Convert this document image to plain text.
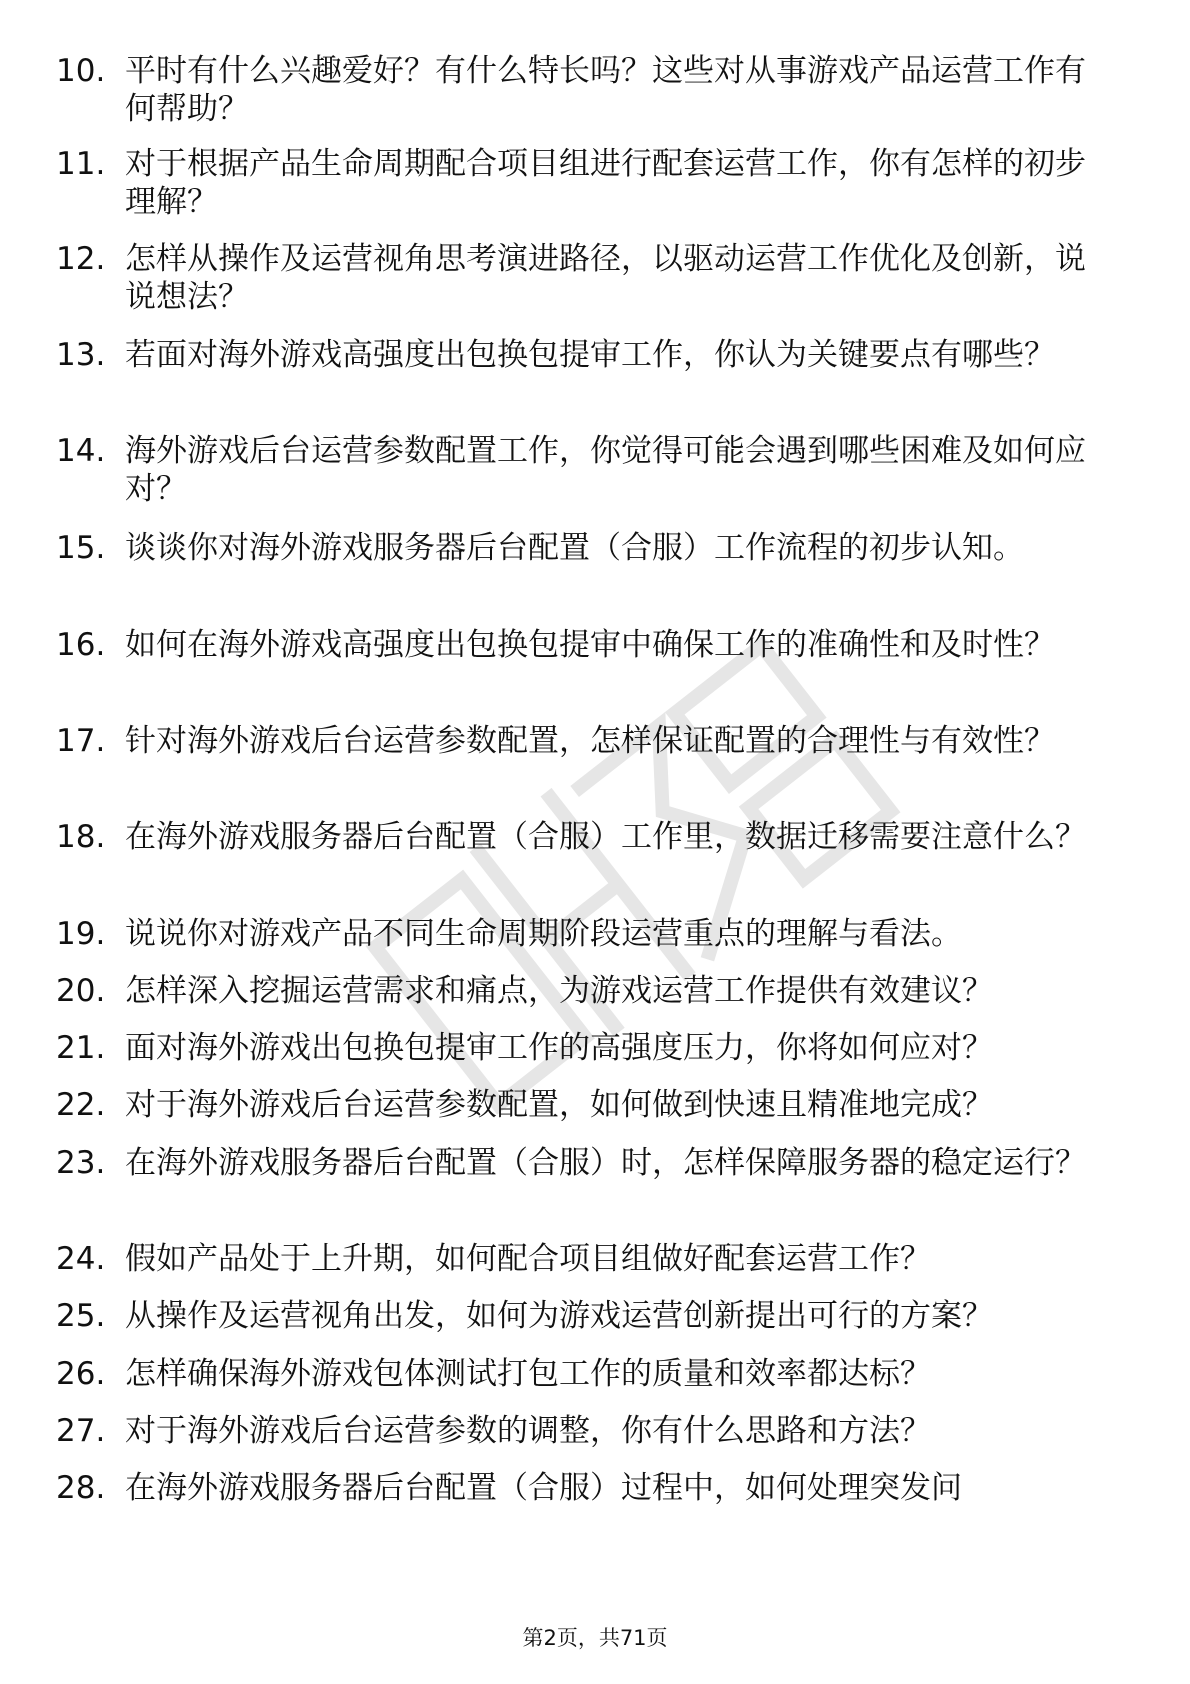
10. 平时有什么兴趣爱好？有什么特长吗？这些对从事游戏产品运营工作有何帮助？
11. 对于根据产品生命周期配合项目组进行配套运营工作，你有怎样的初步理解？
12. 怎样从操作及运营视角思考演进路径，以驱动运营工作优化及创新，说说想法？
13. 若面对海外游戏高强度出包换包提审工作，你认为关键要点有哪些？
14. 海外游戏后台运营参数配置工作，你觉得可能会遇到哪些困难及如何应对？
15. 谈谈你对海外游戏服务器后台配置（合服）工作流程的初步认知。
16. 如何在海外游戏高强度出包换包提审中确保工作的准确性和及时性？
17. 针对海外游戏后台运营参数配置，怎样保证配置的合理性与有效性？
18. 在海外游戏服务器后台配置（合服）工作里，数据迁移需要注意什么？
19. 说说你对游戏产品不同生命周期阶段运营重点的理解与看法。
20. 怎样深入挖掘运营需求和痛点，为游戏运营工作提供有效建议？
21. 面对海外游戏出包换包提审工作的高强度压力，你将如何应对？
22. 对于海外游戏后台运营参数配置，如何做到快速且精准地完成？
23. 在海外游戏服务器后台配置（合服）时，怎样保障服务器的稳定运行？
24. 假如产品处于上升期，如何配合项目组做好配套运营工作？
25. 从操作及运营视角出发，如何为游戏运营创新提出可行的方案？
26. 怎样确保海外游戏包体测试打包工作的质量和效率都达标？
27. 对于海外游戏后台运营参数的调整，你有什么思路和方法？
28. 在海外游戏服务器后台配置（合服）过程中，如何处理突发问
第2页，共71页
